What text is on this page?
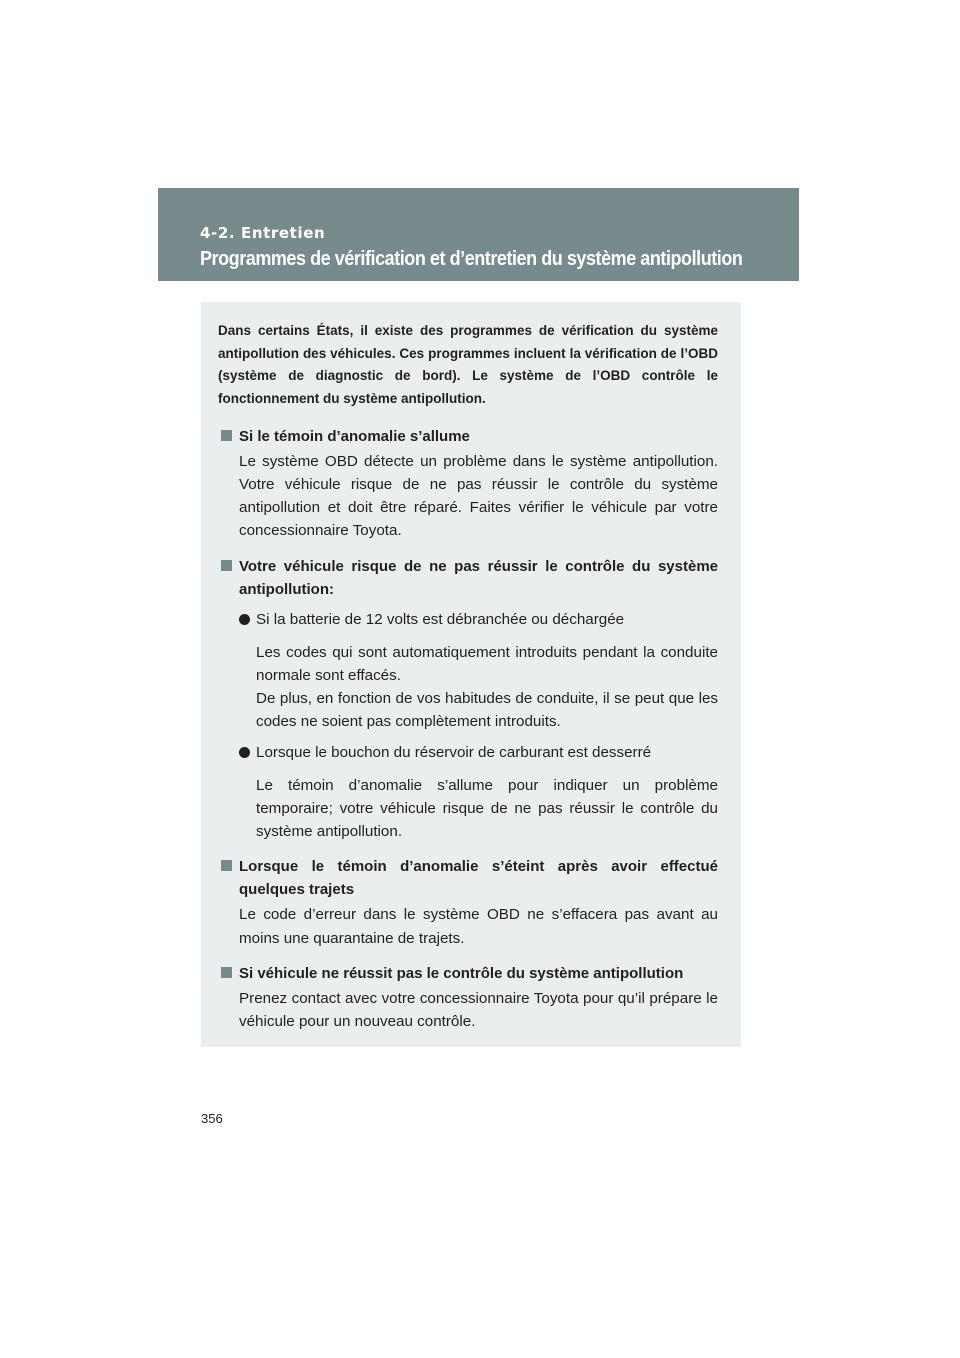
4-2. Entretien

Programmes de vérification et d’entretien du système antipollution

Dans certains États, il existe des programmes de vérification du système antipollution des véhicules. Ces programmes incluent la vérification de l’OBD (système de diagnostic de bord). Le système de l’OBD contrôle le fonctionnement du système antipollution.

Si le témoin d’anomalie s’allume

Le système OBD détecte un problème dans le système antipollution. Votre véhicule risque de ne pas réussir le contrôle du système antipollution et doit être réparé. Faites vérifier le véhicule par votre concessionnaire Toyota.

Votre véhicule risque de ne pas réussir le contrôle du système antipollution:

Si la batterie de 12 volts est débranchée ou déchargée

Les codes qui sont automatiquement introduits pendant la conduite normale sont effacés.
De plus, en fonction de vos habitudes de conduite, il se peut que les codes ne soient pas complètement introduits.

Lorsque le bouchon du réservoir de carburant est desserré

Le témoin d’anomalie s’allume pour indiquer un problème temporaire; votre véhicule risque de ne pas réussir le contrôle du système antipollution.

Lorsque le témoin d’anomalie s’éteint après avoir effectué quelques trajets

Le code d’erreur dans le système OBD ne s’effacera pas avant au moins une quarantaine de trajets.

Si véhicule ne réussit pas le contrôle du système antipollution

Prenez contact avec votre concessionnaire Toyota pour qu’il prépare le véhicule pour un nouveau contrôle.

356
